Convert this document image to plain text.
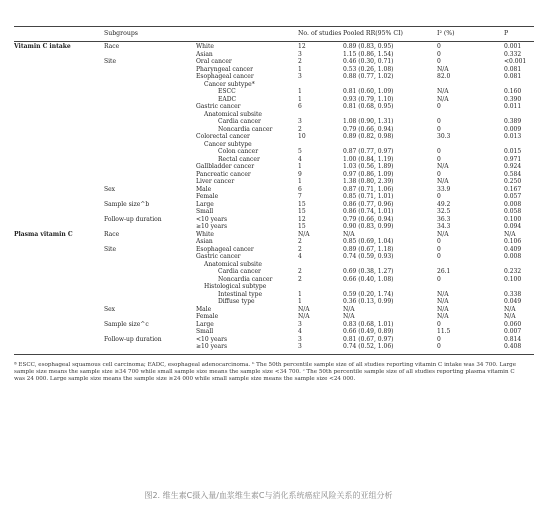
Subgroups	No. of studies Pooled RR(95% CI)	I² (%)	P
Vitamin C intake	Race	White	12	0.89 (0.83, 0.95)	0	0.001
Asian	3	1.15 (0.86, 1.54)	0	0.332
Site	Oral cancer	2	0.46 (0.30, 0.71)	0	<0.001
Pharyngeal cancer	1	0.53 (0.26, 1.08)	N/A	0.081
Esophageal cancer	3	0.88 (0.77, 1.02)	82.0	0.081
Cancer subtype*
ESCC	1	0.81 (0.60, 1.09)	N/A	0.160
EADC	1	0.93 (0.79, 1.10)	N/A	0.390
Gastric cancer	6	0.81 (0.68, 0.95)	0	0.011
Anatomical subsite
Cardia cancer	3	1.08 (0.90, 1.31)	0	0.389
Noncardia cancer	2	0.79 (0.66, 0.94)	0	0.009
Colorectal cancer	10	0.89 (0.82, 0.98)	30.3	0.013
Cancer subtype
Colon cancer	5	0.87 (0.77, 0.97)	0	0.015
Rectal cancer	4	1.00 (0.84, 1.19)	0	0.971
Gallbladder cancer	1	1.03 (0.56, 1.89)	N/A	0.924
Pancreatic cancer	9	0.97 (0.86, 1.09)	0	0.584
Liver cancer	1	1.38 (0.80, 2.39)	N/A	0.250
Sex	Male	6	0.87 (0.71, 1.06)	33.9	0.167
Female	7	0.85 (0.71, 1.01)	0	0.057
Sample size^b	Large	15	0.86 (0.77, 0.96)	49.2	0.008
Small	15	0.86 (0.74, 1.01)	32.5	0.058
Follow-up duration	<10 years	12	0.79 (0.66, 0.94)	36.3	0.100
≥10 years	15	0.90 (0.83, 0.99)	34.3	0.094
Plasma vitamin C	Race	White	N/A	N/A	N/A	N/A
Asian	2	0.85 (0.69, 1.04)	0	0.106
Site	Esophageal cancer	2	0.89 (0.67, 1.18)	0	0.409
Gastric cancer	4	0.74 (0.59, 0.93)	0	0.008
Anatomical subsite
Cardia cancer	2	0.69 (0.38, 1.27)	26.1	0.232
Noncardia cancer	2	0.66 (0.40, 1.08)	0	0.100
Histological subtype
Intestinal type	1	0.59 (0.20, 1.74)	N/A	0.338
Diffuse type	1	0.36 (0.13, 0.99)	N/A	0.049
Sex	Male	N/A	N/A	N/A	N/A
Female	N/A	N/A	N/A	N/A
Sample size^c	Large	3	0.83 (0.68, 1.01)	0	0.060
Small	4	0.66 (0.49, 0.89)	11.5	0.007
Follow-up duration	<10 years	3	0.81 (0.67, 0.97)	0	0.814
≥10 years	3	0.74 (0.52, 1.06)	0	0.408
ª ESCC, esophageal squamous cell carcinoma; EADC, esophageal adenocarcinoma. ᵇ The 50th percentile sample size of all studies reporting vitamin C intake was 34 700. Large sample size means the sample size ≥34 700 while small sample size means the sample size <34 700. ᶜ The 50th percentile sample size of all studies reporting plasma vitamin C was 24 000. Large sample size means the sample size ≥24 000 while small sample size means the sample size <24 000.
图2. 维生素C摄入量/血浆维生素C与消化系统癌症风险关系的亚组分析
